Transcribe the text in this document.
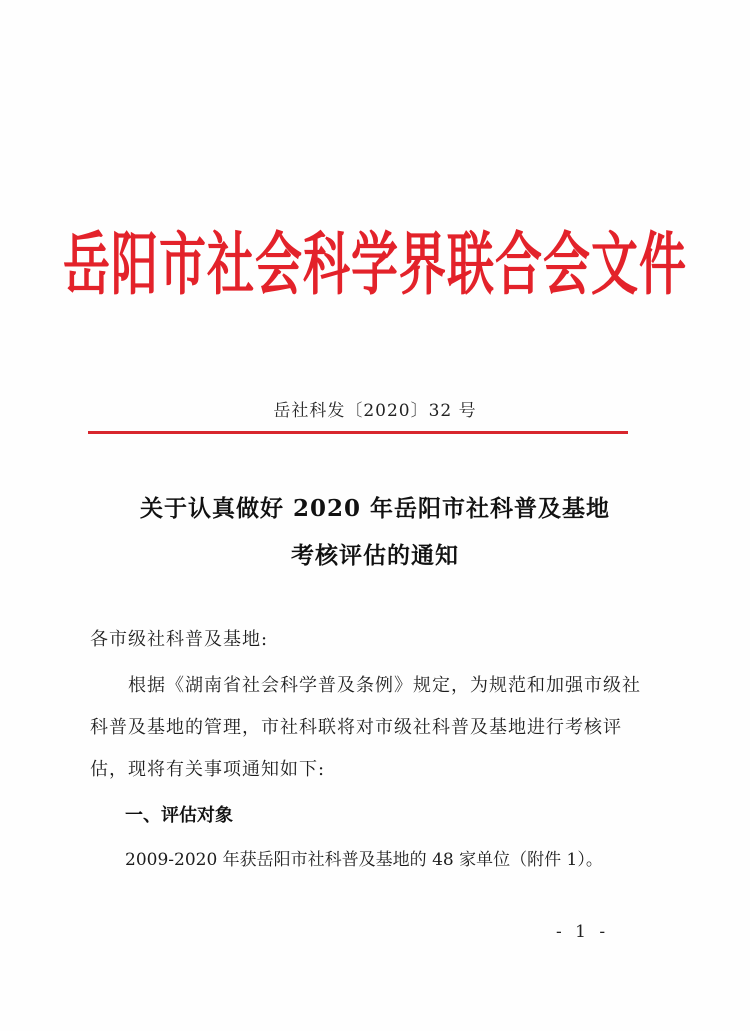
岳阳市社会科学界联合会文件
岳社科发〔2020〕32 号
关于认真做好 2020 年岳阳市社科普及基地
考核评估的通知
各市级社科普及基地:
根据《湖南省社会科学普及条例》规定，为规范和加强市级社科普及基地的管理，市社科联将对市级社科普及基地进行考核评估，现将有关事项通知如下:
一、评估对象
2009-2020 年获岳阳市社科普及基地的 48 家单位（附件 1）。
- 1 -
